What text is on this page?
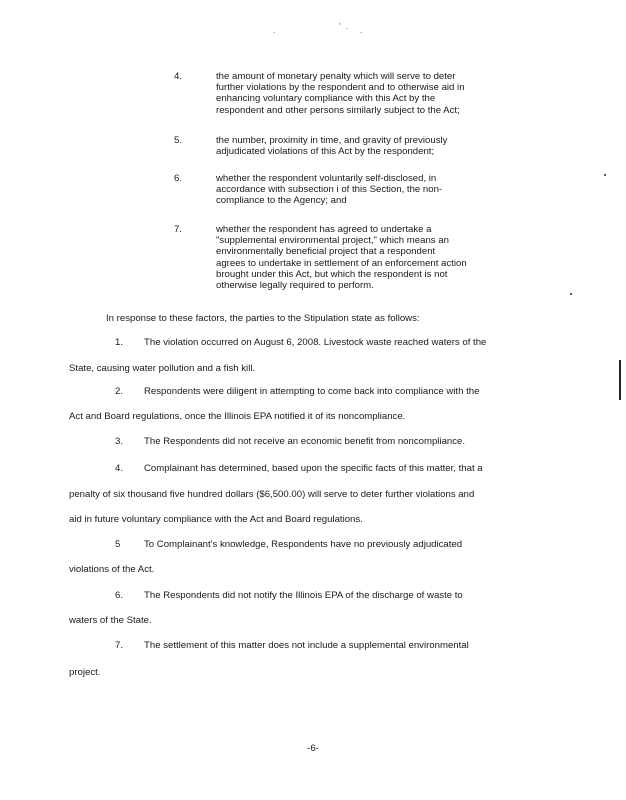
.	' . .
4.	the amount of monetary penalty which will serve to deter
further violations by the respondent and to otherwise aid in
enhancing voluntary compliance with this Act by the
respondent and other persons similarly subject to the Act;
5.	the number, proximity in time, and gravity of previously
adjudicated violations of this Act by the respondent;
6.	whether the respondent voluntarily self-disclosed, in
accordance with subsection i of this Section, the non-
compliance to the Agency; and
7.	whether the respondent has agreed to undertake a
"supplemental environmental project," which means an
environmentally beneficial project that a respondent
agrees to undertake in settlement of an enforcement action
brought under this Act, but which the respondent is not
otherwise legally required to perform.
In response to these factors, the parties to the Stipulation state as follows:
1. The violation occurred on August 6, 2008. Livestock waste reached waters of the
State, causing water pollution and a fish kill.
2. Respondents were diligent in attempting to come back into compliance with the
Act and Board regulations, once the Illinois EPA notified it of its noncompliance.
3. The Respondents did not receive an economic benefit from noncompliance.
4. Complainant has determined, based upon the specific facts of this matter, that a
penalty of six thousand five hundred dollars ($6,500.00) will serve to deter further violations and
aid in future voluntary compliance with the Act and Board regulations.
5 To Complainant's knowledge, Respondents have no previously adjudicated
violations of the Act.
6. The Respondents did not notify the Illinois EPA of the discharge of waste to
waters of the State.
7. The settlement of this matter does not include a supplemental environmental
project.
-6-
